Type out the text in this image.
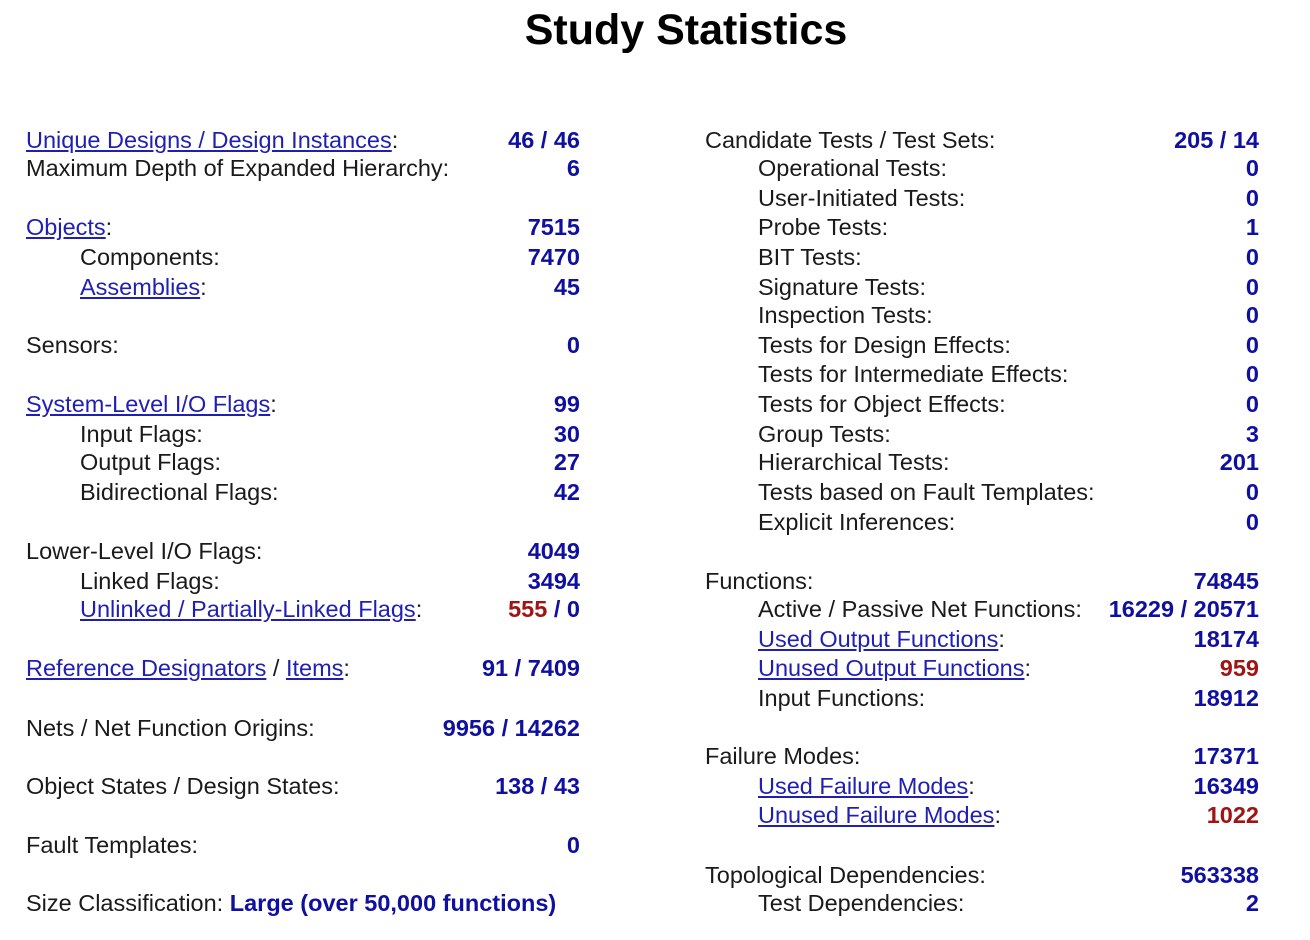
Study Statistics
Unique Designs / Design Instances:	46 / 46
Maximum Depth of Expanded Hierarchy:	6
Objects:	7515
Components:	7470
Assemblies:	45
Sensors:	0
System-Level I/O Flags:	99
Input Flags:	30
Output Flags:	27
Bidirectional Flags:	42
Lower-Level I/O Flags:	4049
Linked Flags:	3494
Unlinked / Partially-Linked Flags:	555 / 0
Reference Designators / Items:	91 / 7409
Nets / Net Function Origins:	9956 / 14262
Object States / Design States:	138 / 43
Fault Templates:	0
Size Classification: Large (over 50,000 functions)
Candidate Tests / Test Sets:	205 / 14
Operational Tests:	0
User-Initiated Tests:	0
Probe Tests:	1
BIT Tests:	0
Signature Tests:	0
Inspection Tests:	0
Tests for Design Effects:	0
Tests for Intermediate Effects:	0
Tests for Object Effects:	0
Group Tests:	3
Hierarchical Tests:	201
Tests based on Fault Templates:	0
Explicit Inferences:	0
Functions:	74845
Active / Passive Net Functions: 16229 / 20571
Used Output Functions:	18174
Unused Output Functions:	959
Input Functions:	18912
Failure Modes:	17371
Used Failure Modes:	16349
Unused Failure Modes:	1022
Topological Dependencies:	563338
Test Dependencies:	2
